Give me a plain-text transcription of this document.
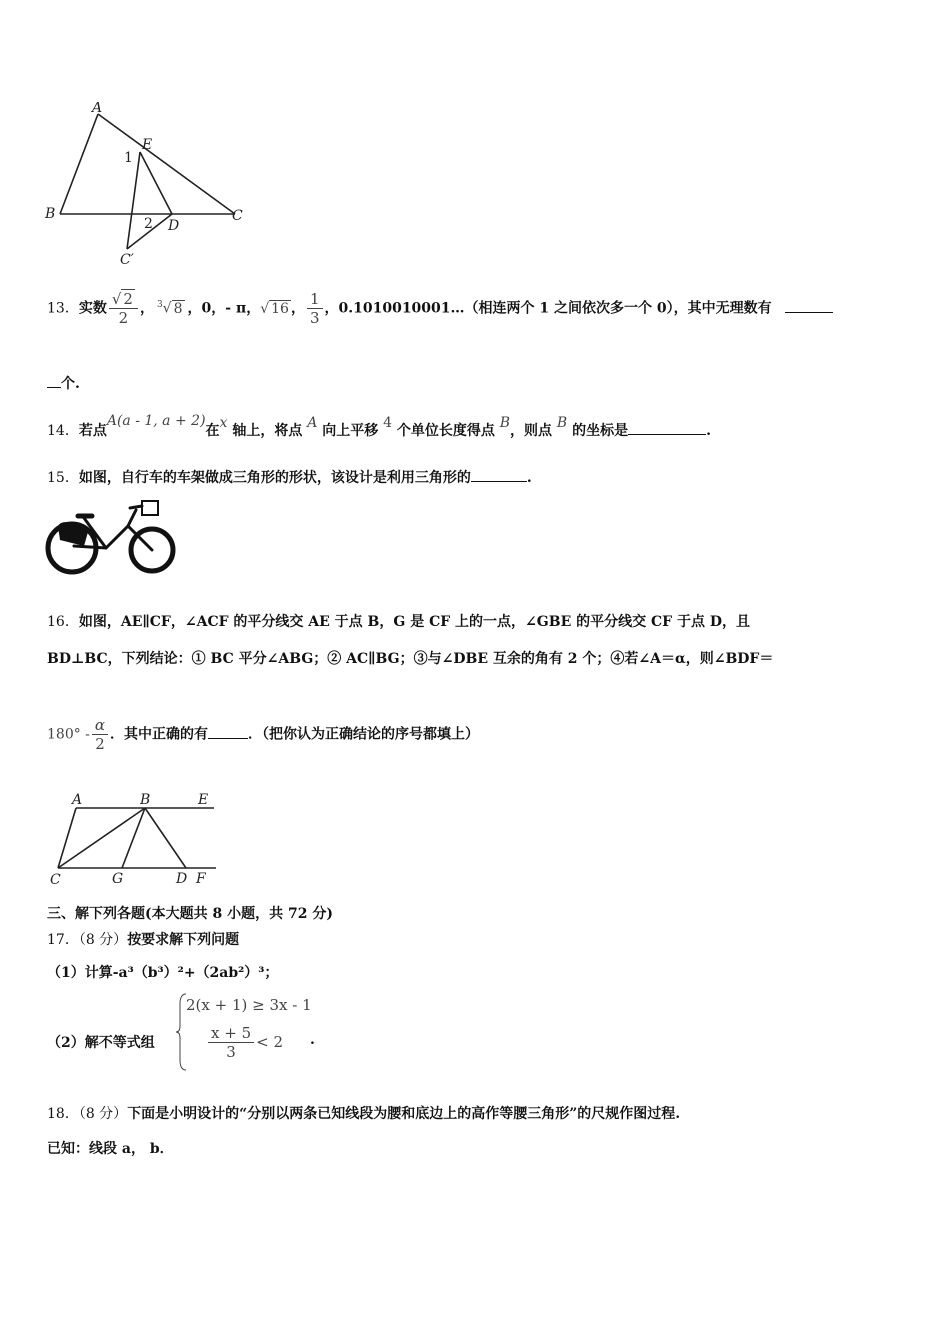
A
E
1
B
2 D
C
C′
13．实数 $\frac{√ 2}{2}$ ， $^3$√ 8 ，0，- π，√ 16 ， $\frac{1}{3}$ ，0.1010010001…（相连两个 1 之间依次多一个 0），其中无理数有
个.
14．若点A(a - 1, a + 2)在x 轴上，将点 A 向上平移 4 个单位长度得点 B，则点 B 的坐标是	.
15．如图，自行车的车架做成三角形的形状，该设计是利用三角形的	.
16．如图，AE∥CF，∠ACF 的平分线交 AE 于点 B，G 是 CF 上的一点，∠GBE 的平分线交 CF 于点 D，且
BD⊥BC，下列结论：① BC 平分∠ABG；② AC∥BG；③与∠DBE 互余的角有 2 个；④若∠A＝α，则∠BDF＝
$180^\circ - \frac{\alpha}{2}$ ．其中正确的有	．（把你认为正确结论的序号都填上）
A	B	E
C	G	D F
三、解下列各题(本大题共 8 小题，共 72 分)
17．（8 分）按要求解下列问题
（1）计算-a³（b³）²+（2ab²）³；
（2）解不等式组
2(x + 1) ≥ 3x - 1
$\frac{x + 5}{3} < 2$ .
18．（8 分）下面是小明设计的“分别以两条已知线段为腰和底边上的高作等腰三角形”的尺规作图过程.
已知：线段 a， b．
